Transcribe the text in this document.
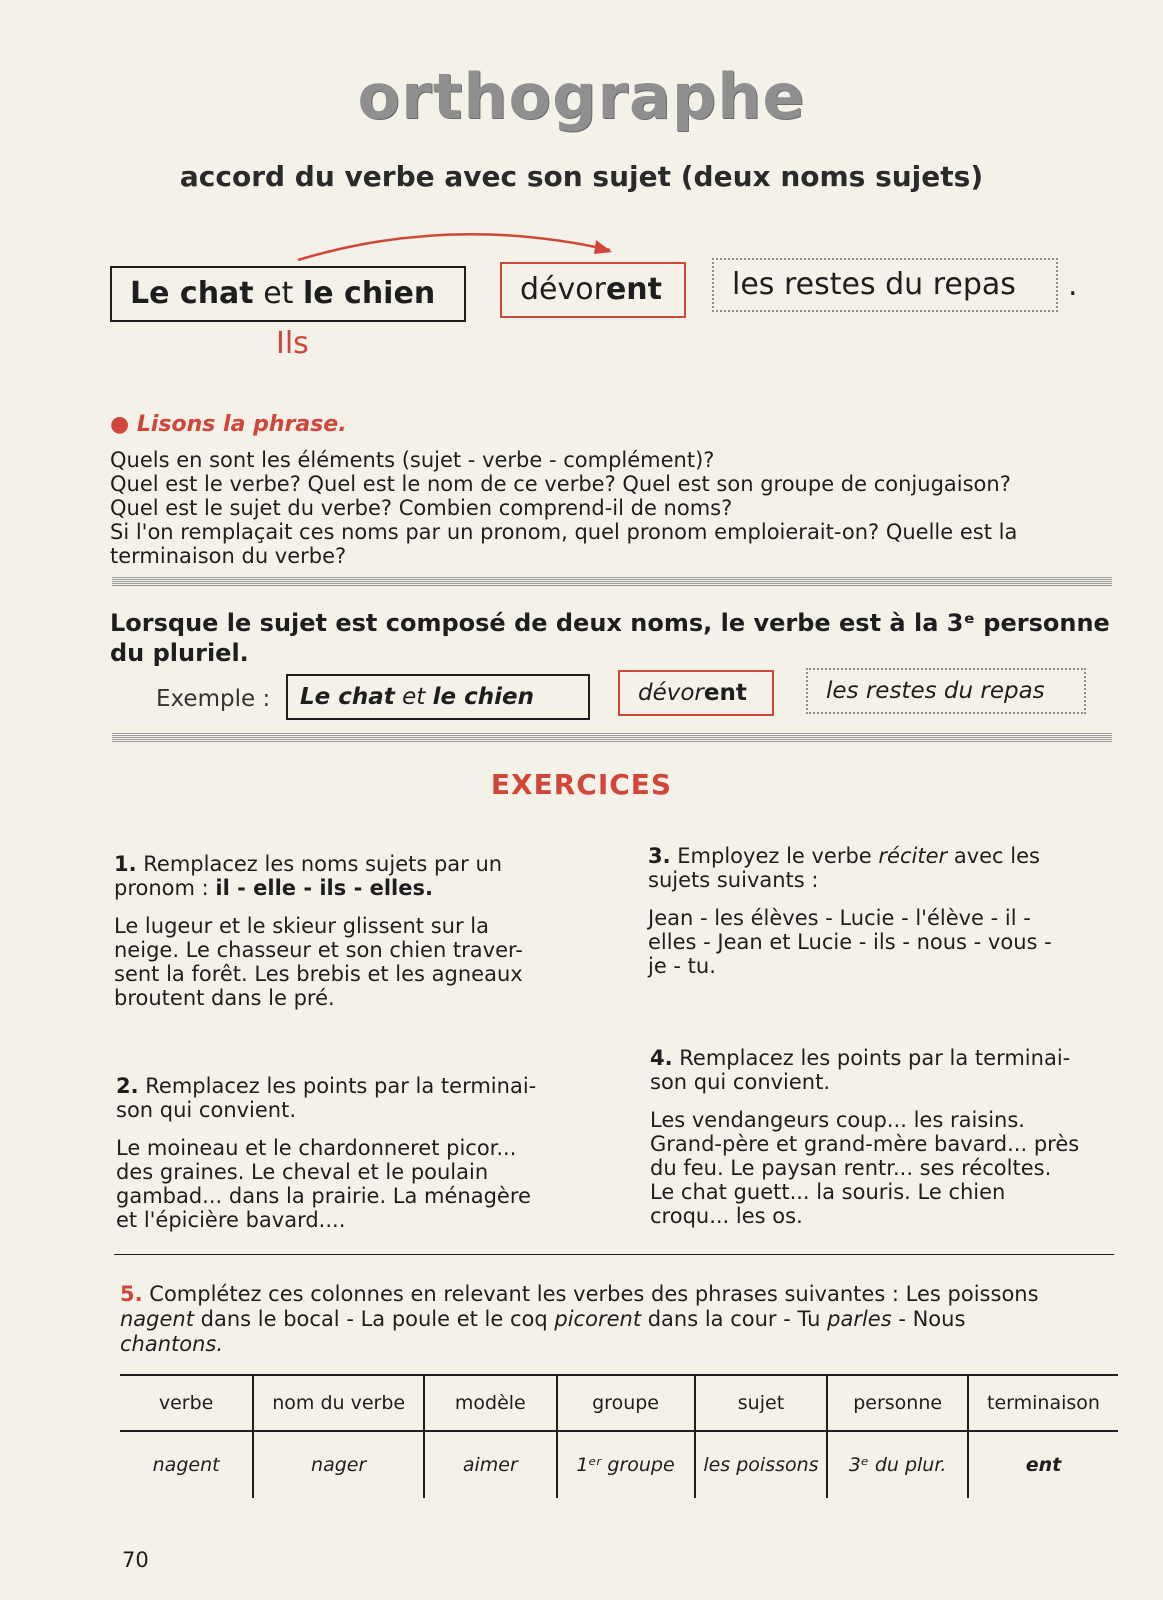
orthographe
accord du verbe avec son sujet (deux noms sujets)
Le chat et le chien	dévorent	les restes du repas	.
Ils
● Lisons la phrase.
Quels en sont les éléments (sujet - verbe - complément)?
Quel est le verbe? Quel est le nom de ce verbe? Quel est son groupe de conjugaison?
Quel est le sujet du verbe? Combien comprend-il de noms?
Si l'on remplaçait ces noms par un pronom, quel pronom emploierait-on? Quelle est la
terminaison du verbe?
Lorsque le sujet est composé de deux noms, le verbe est à la 3ᵉ personne
du pluriel.
Exemple :	Le chat et le chien	dévorent	les restes du repas
EXERCICES
1. Remplacez les noms sujets par un
pronom : il - elle - ils - elles.
Le lugeur et le skieur glissent sur la
neige. Le chasseur et son chien traver-
sent la forêt. Les brebis et les agneaux
broutent dans le pré.
2. Remplacez les points par la terminai-
son qui convient.
Le moineau et le chardonneret picor...
des graines. Le cheval et le poulain
gambad... dans la prairie. La ménagère
et l'épicière bavard....
3. Employez le verbe réciter avec les
sujets suivants :
Jean - les élèves - Lucie - l'élève - il -
elles - Jean et Lucie - ils - nous - vous -
je - tu.
4. Remplacez les points par la terminai-
son qui convient.
Les vendangeurs coup... les raisins.
Grand-père et grand-mère bavard... près
du feu. Le paysan rentr... ses récoltes.
Le chat guett... la souris. Le chien
croqu... les os.
5. Complétez ces colonnes en relevant les verbes des phrases suivantes : Les poissons
nagent dans le bocal - La poule et le coq picorent dans la cour - Tu parles - Nous
chantons.
verbe	nom du verbe	modèle	groupe	sujet	personne	terminaison
nagent	nager	aimer	1ᵉʳ groupe	les poissons	3ᵉ du plur.	ent
70
